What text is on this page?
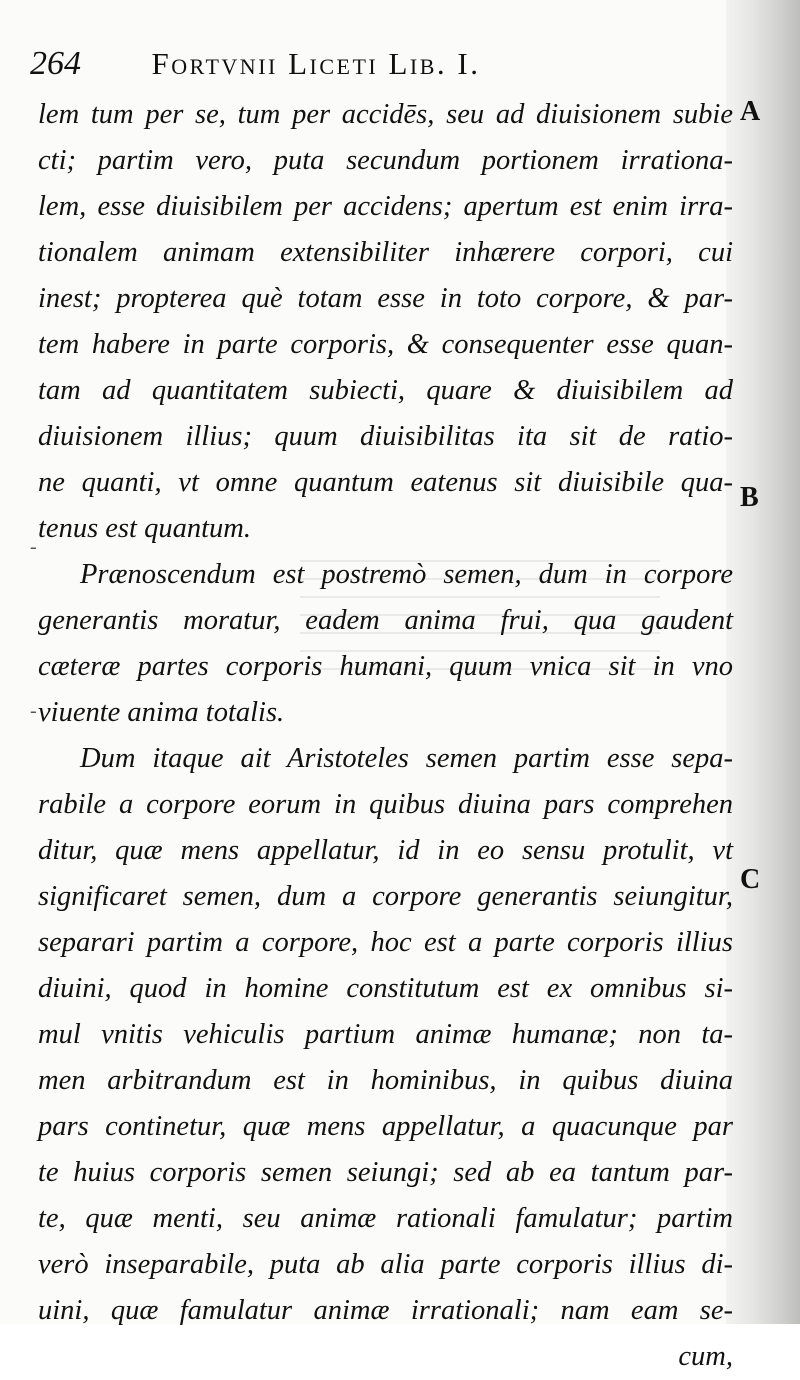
264 Fortvnii Liceti Lib. I.
A
B
C
-
-
lem tum per se, tum per accidēs, seu ad diuisionem subie
cti; partim vero, puta secundum portionem irrationa-
lem, esse diuisibilem per accidens; apertum est enim irra-
tionalem animam extensibiliter inhærere corpori, cui
inest; propterea què totam esse in toto corpore, & par-
tem habere in parte corporis, & consequenter esse quan-
tam ad quantitatem subiecti, quare & diuisibilem ad
diuisionem illius; quum diuisibilitas ita sit de ratio-
ne quanti, vt omne quantum eatenus sit diuisibile qua-
tenus est quantum.
Prænoscendum est postremò semen, dum in corpore
generantis moratur, eadem anima frui, qua gaudent
cæteræ partes corporis humani, quum vnica sit in vno
viuente anima totalis.
Dum itaque ait Aristoteles semen partim esse sepa-
rabile a corpore eorum in quibus diuina pars comprehen
ditur, quæ mens appellatur, id in eo sensu protulit, vt
significaret semen, dum a corpore generantis seiungitur,
separari partim a corpore, hoc est a parte corporis illius
diuini, quod in homine constitutum est ex omnibus si-
mul vnitis vehiculis partium animæ humanæ; non ta-
men arbitrandum est in hominibus, in quibus diuina
pars continetur, quæ mens appellatur, a quacunque par
te huius corporis semen seiungi; sed ab ea tantum par-
te, quæ menti, seu animæ rationali famulatur; partim
verò inseparabile, puta ab alia parte corporis illius di-
uini, quæ famulatur animæ irrationali; nam eam se-
cum,
